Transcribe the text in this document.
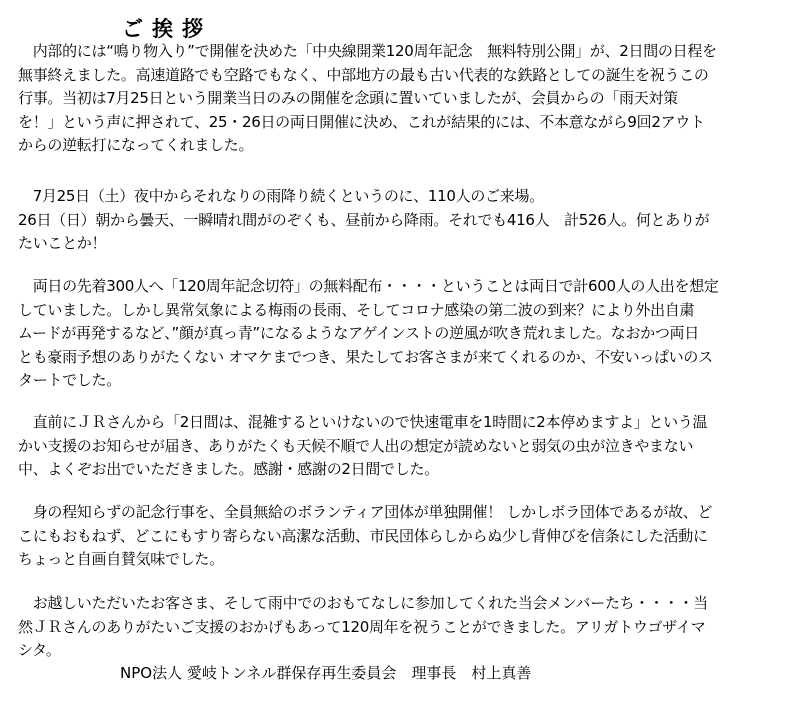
ご挨拶
　内部的には“鳴り物入り”で開催を決めた「中央線開業120周年記念　無料特別公開」が、2日間の日程を
無事終えました。高速道路でも空路でもなく、中部地方の最も古い代表的な鉄路としての誕生を祝うこの
行事。当初は7月25日という開業当日のみの開催を念頭に置いていましたが、会員からの「雨天対策
を！」という声に押されて、25・26日の両日開催に決め、これが結果的には、不本意ながら9回2アウト
からの逆転打になってくれました。
　7月25日（土）夜中からそれなりの雨降り続くというのに、110人のご来場。
26日（日）朝から曇天、一瞬晴れ間がのぞくも、昼前から降雨。それでも416人　計526人。何とありが
たいことか！
　両日の先着300人へ「120周年記念切符」の無料配布・・・・ということは両日で計600人の人出を想定
していました。しかし異常気象による梅雨の長雨、そしてコロナ感染の第二波の到来？により外出自粛
ムードが再発するなど、”顔が真っ青”になるようなアゲインストの逆風が吹き荒れました。なおかつ両日
とも豪雨予想のありがたくない オマケまでつき、果たしてお客さまが来てくれるのか、不安いっぱいのス
タートでした。
　直前にＪＲさんから「2日間は、混雑するといけないので快速電車を1時間に2本停めますよ」という温
かい支援のお知らせが届き、ありがたくも天候不順で人出の想定が読めないと弱気の虫が泣きやまない
中、よくぞお出でいただきました。感謝・感謝の2日間でした。
　身の程知らずの記念行事を、全員無給のボランティア団体が単独開催！ しかしボラ団体であるが故、ど
こにもおもねず、どこにもすり寄らない高潔な活動、市民団体らしからぬ少し背伸びを信条にした活動に
ちょっと自画自賛気味でした。
　お越しいただいたお客さま、そして雨中でのおもてなしに参加してくれた当会メンバーたち・・・・当
然ＪＲさんのありがたいご支援のおかげもあって120周年を祝うことができました。アリガトウゴザイマ
シタ。
NPO法人 愛岐トンネル群保存再生委員会　理事長　村上真善
